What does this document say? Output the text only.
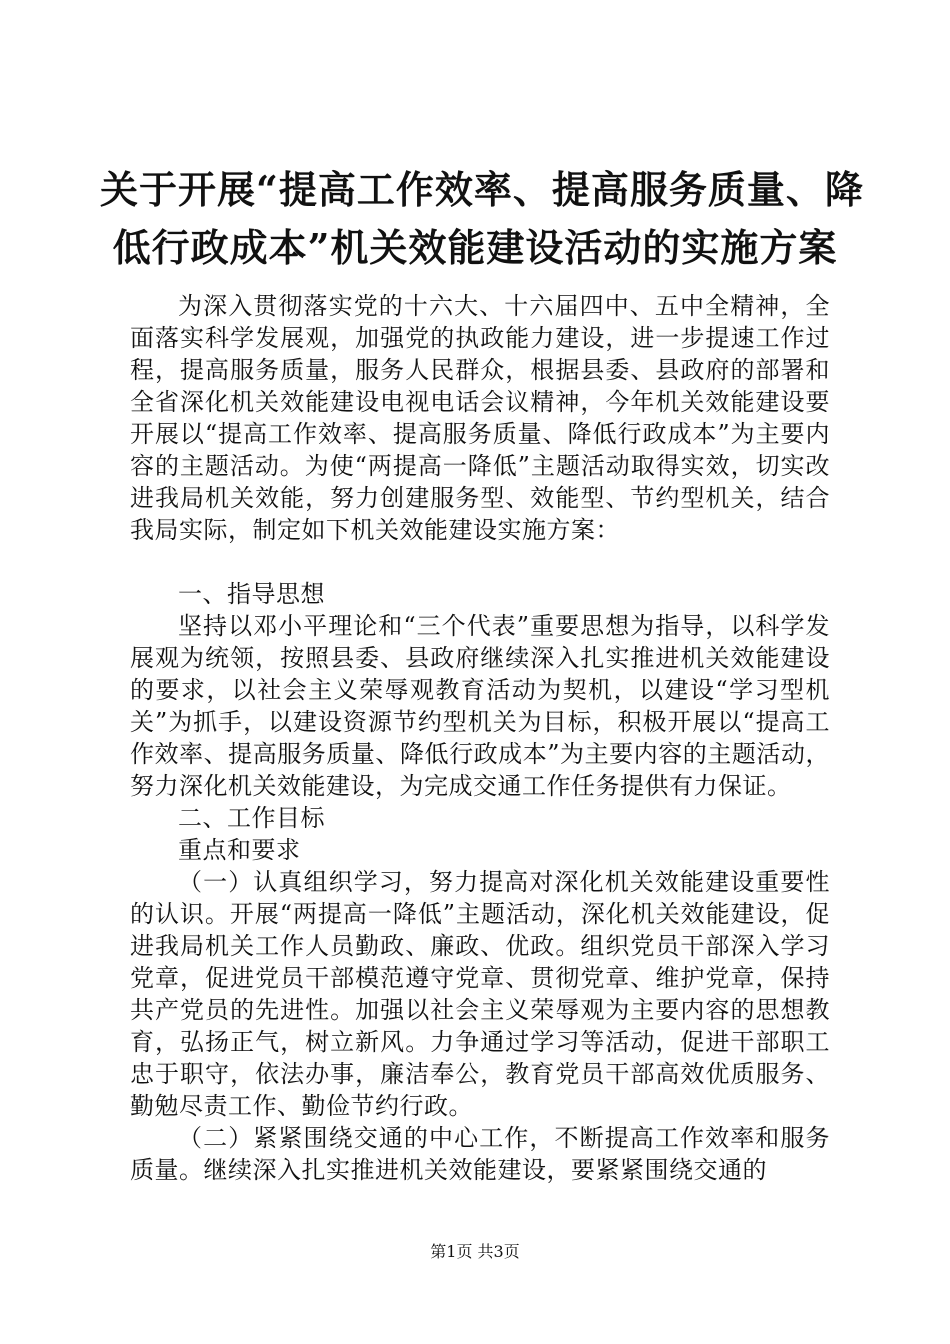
关于开展“提高工作效率、提高服务质量、降
低行政成本”机关效能建设活动的实施方案

为深入贯彻落实党的十六大、十六届四中、五中全精神，全面落实科学发展观，加强党的执政能力建设，进一步提速工作过程，提高服务质量，服务人民群众，根据县委、县政府的部署和全省深化机关效能建设电视电话会议精神，今年机关效能建设要开展以“提高工作效率、提高服务质量、降低行政成本”为主要内容的主题活动。为使“两提高一降低”主题活动取得实效，切实改进我局机关效能，努力创建服务型、效能型、节约型机关，结合我局实际，制定如下机关效能建设实施方案：

一、指导思想

坚持以邓小平理论和“三个代表”重要思想为指导，以科学发展观为统领，按照县委、县政府继续深入扎实推进机关效能建设的要求，以社会主义荣辱观教育活动为契机，以建设“学习型机关”为抓手，以建设资源节约型机关为目标，积极开展以“提高工作效率、提高服务质量、降低行政成本”为主要内容的主题活动，努力深化机关效能建设，为完成交通工作任务提供有力保证。

二、工作目标

重点和要求

（一）认真组织学习，努力提高对深化机关效能建设重要性的认识。开展“两提高一降低”主题活动，深化机关效能建设，促进我局机关工作人员勤政、廉政、优政。组织党员干部深入学习党章，促进党员干部模范遵守党章、贯彻党章、维护党章，保持共产党员的先进性。加强以社会主义荣辱观为主要内容的思想教育，弘扬正气，树立新风。力争通过学习等活动，促进干部职工忠于职守，依法办事，廉洁奉公，教育党员干部高效优质服务、勤勉尽责工作、勤俭节约行政。

（二）紧紧围绕交通的中心工作，不断提高工作效率和服务质量。继续深入扎实推进机关效能建设，要紧紧围绕交通的

第1页 共3页
